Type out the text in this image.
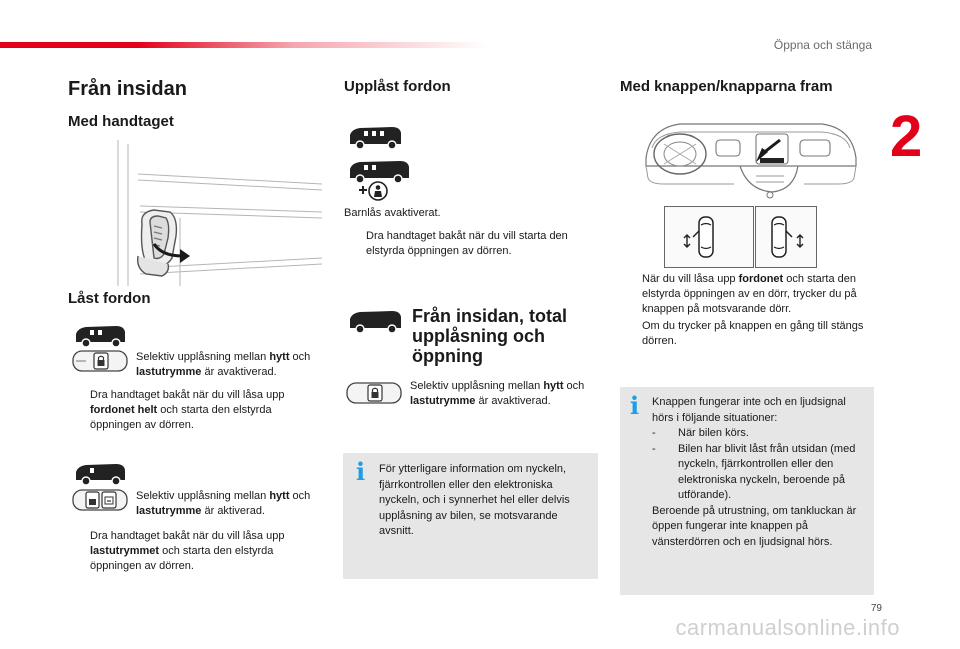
Öppna och stänga
2
79
carmanualsonline.info
Från insidan
Med handtaget
Låst fordon

Selektiv upplåsning mellan hytt och lastutrymme är avaktiverad.

Dra handtaget bakåt när du vill låsa upp fordonet helt och starta den elstyrda öppningen av dörren.

Selektiv upplåsning mellan hytt och lastutrymme är aktiverad.

Dra handtaget bakåt när du vill låsa upp lastutrymmet och starta den elstyrda öppningen av dörren.
Upplåst fordon

Barnlås avaktiverat.

Dra handtaget bakåt när du vill starta den elstyrda öppningen av dörren.
Från insidan, total upplåsning och öppning

Selektiv upplåsning mellan hytt och lastutrymme är avaktiverad.

i	För ytterligare information om nyckeln, fjärrkontrollen eller den elektroniska nyckeln, och i synnerhet hel eller delvis upplåsning av bilen, se motsvarande avsnitt.
Med knappen/knapparna fram
När du vill låsa upp fordonet och starta den elstyrda öppningen av en dörr, trycker du på knappen på motsvarande dörr.
Om du trycker på knappen en gång till stängs dörren.
i	Knappen fungerar inte och en ljudsignal hörs i följande situationer:
-	När bilen körs.
-	Bilen har blivit låst från utsidan (med nyckeln, fjärrkontrollen eller den elektroniska nyckeln, beroende på utförande).
Beroende på utrustning, om tankluckan är öppen fungerar inte knappen på vänsterdörren och en ljudsignal hörs.
